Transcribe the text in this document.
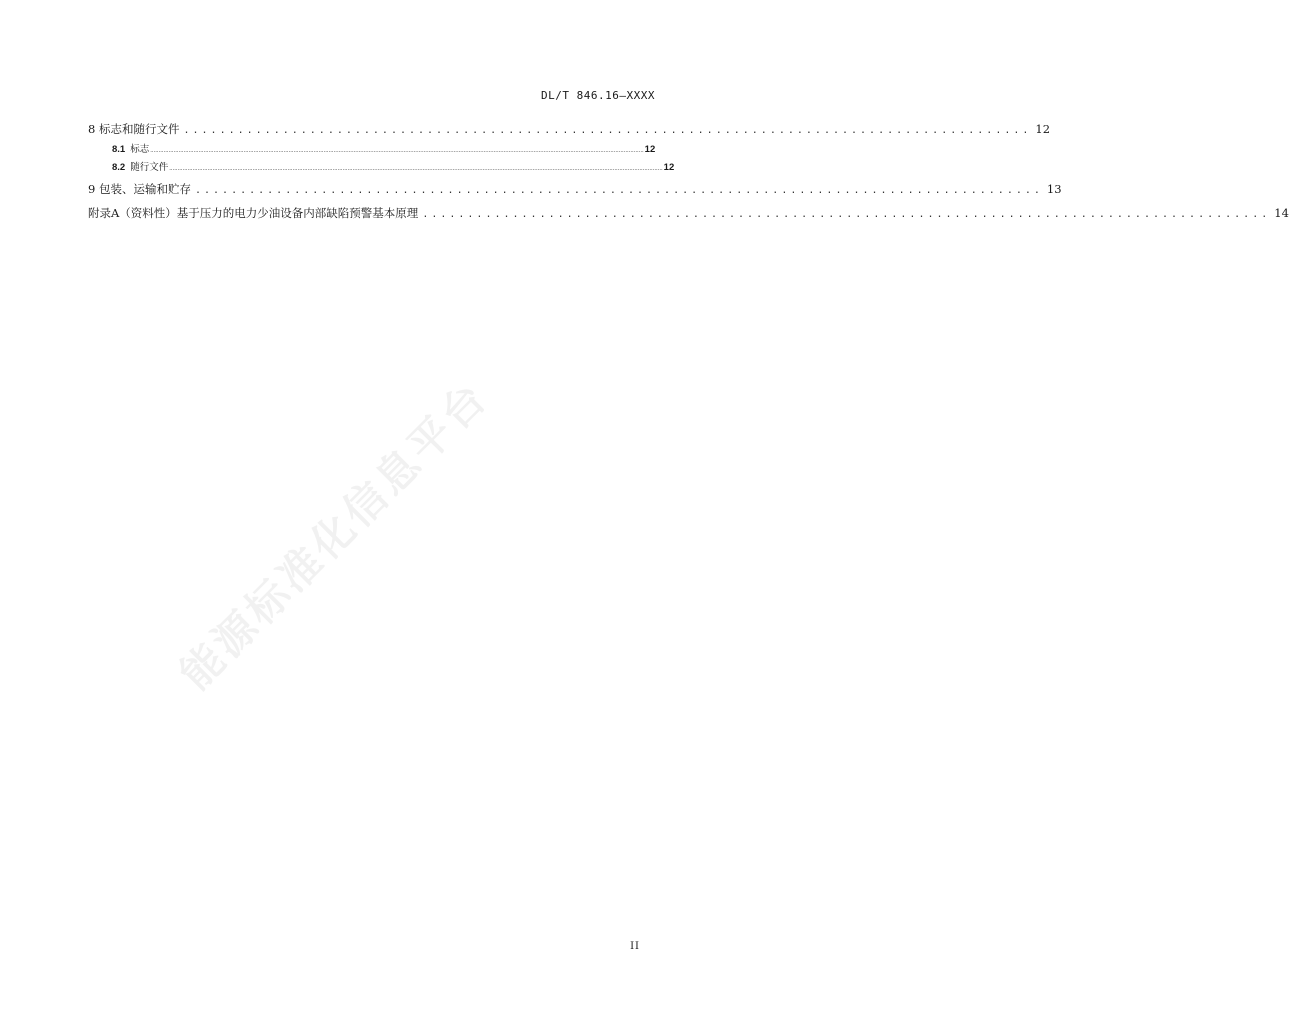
DL/T 846.16—XXXX
8 标志和随行文件 .............................................................................................. 12
8.1 标志 ........................................................................................................................................................................................................................................................................................................ 12
8.2 随行文件 ........................................................................................................................................................................................................................................................................................................ 12
9 包装、运输和贮存 .............................................................................................. 13
附录A（资料性）基于压力的电力少油设备内部缺陷预警基本原理 .............................................................................................. 14
能源标准化信息平台
II
